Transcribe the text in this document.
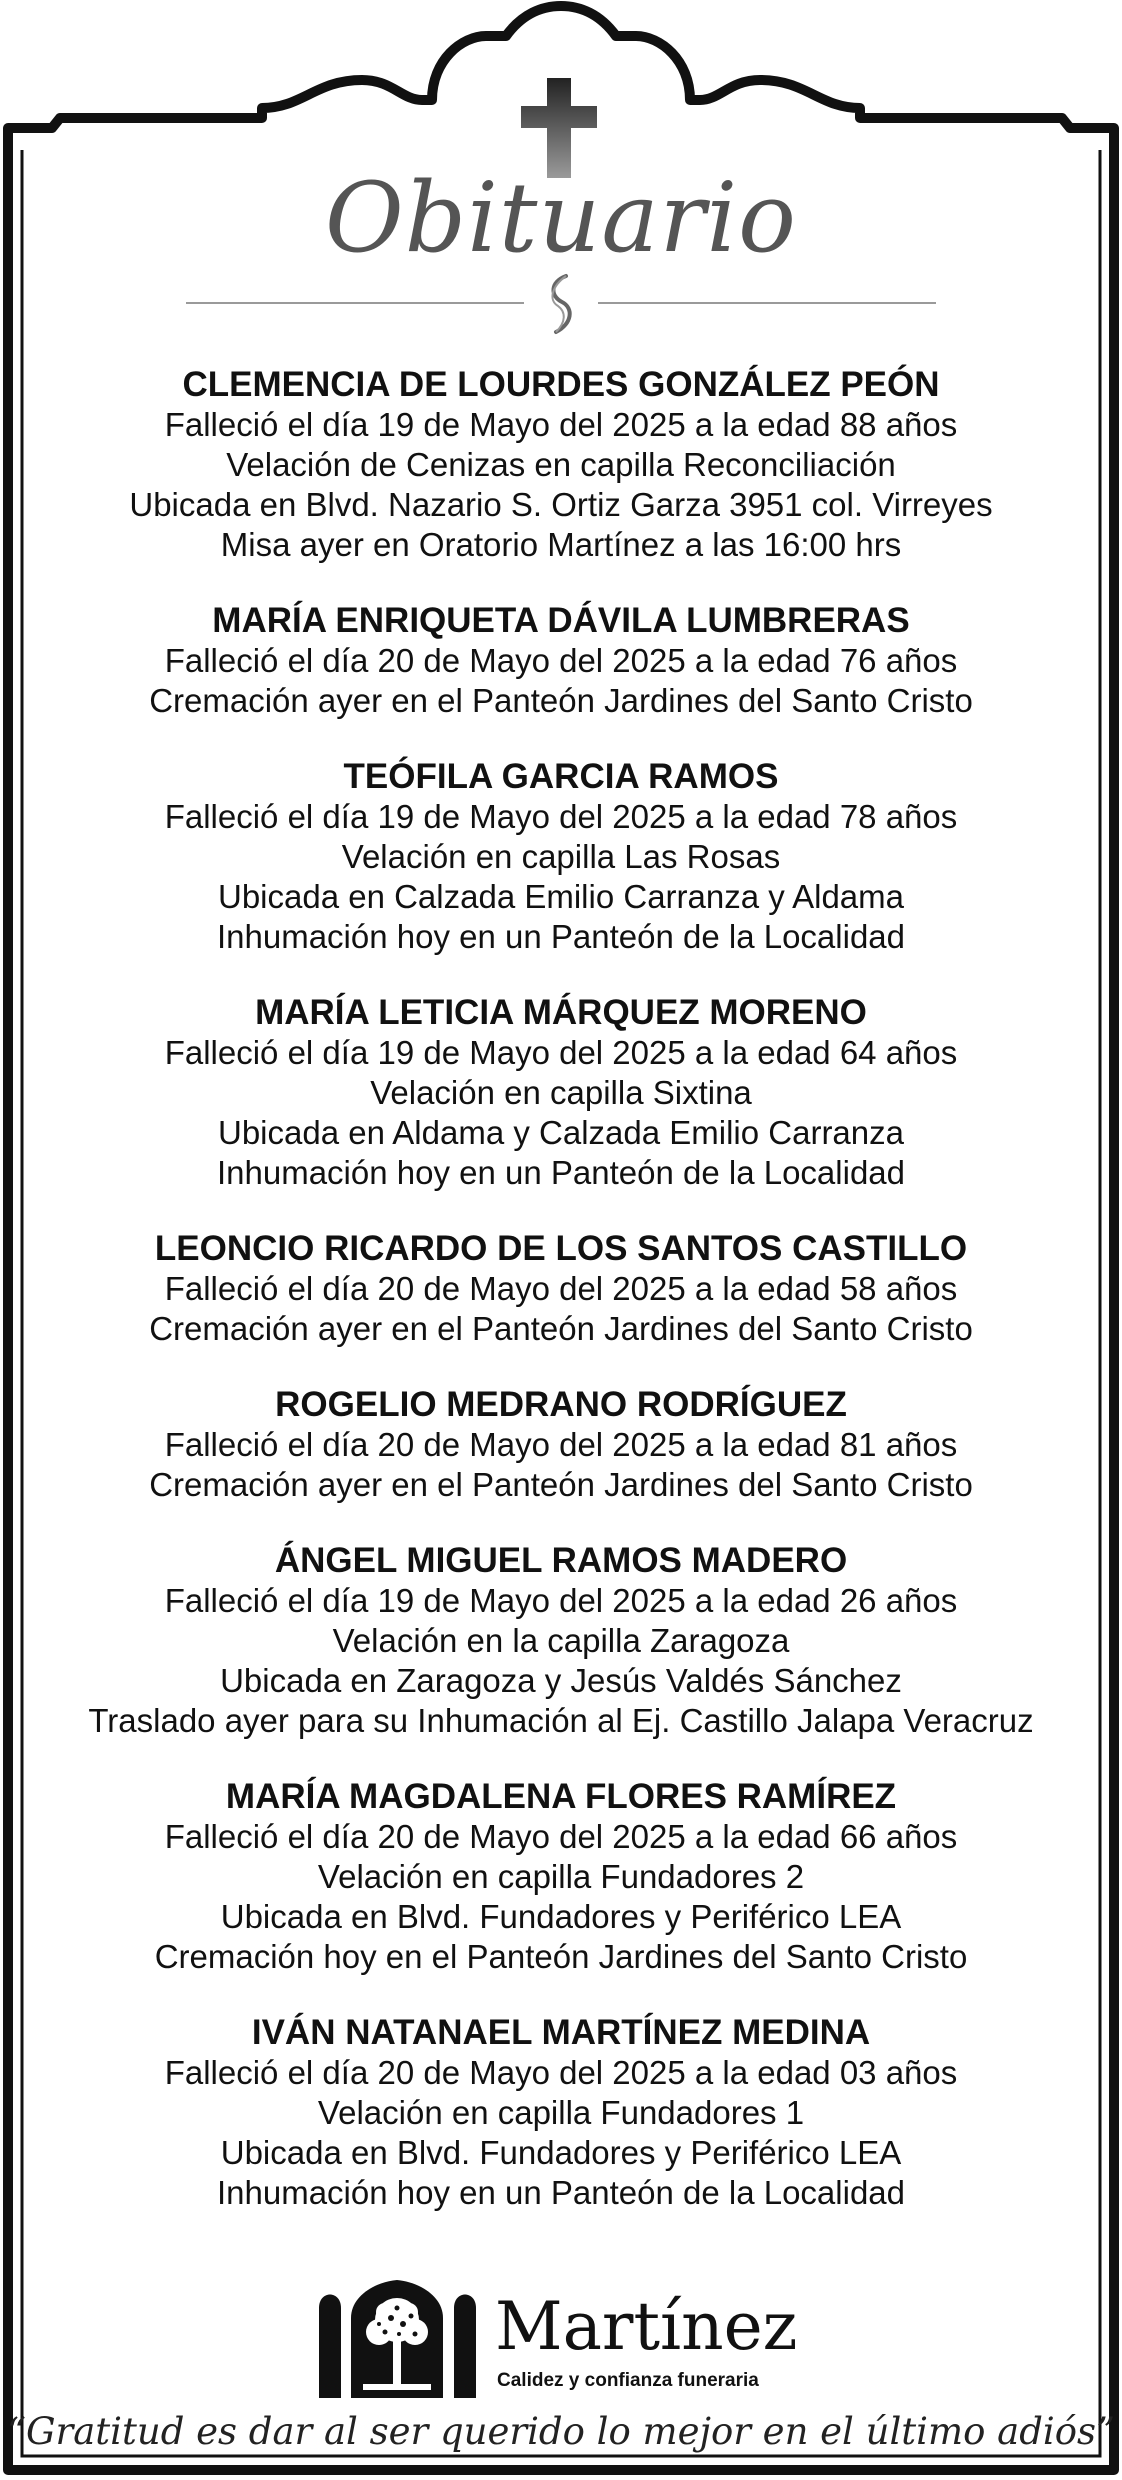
Obituario
CLEMENCIA DE LOURDES GONZÁLEZ PEÓN
Falleció el día 19 de Mayo del 2025 a la edad 88 años
Velación de Cenizas en capilla Reconciliación
Ubicada en Blvd. Nazario S. Ortiz Garza 3951 col. Virreyes
Misa ayer en Oratorio Martínez a las 16:00 hrs
MARÍA ENRIQUETA DÁVILA LUMBRERAS
Falleció el día 20 de Mayo del 2025 a la edad 76 años
Cremación ayer en el Panteón Jardines del Santo Cristo
TEÓFILA GARCIA RAMOS
Falleció el día 19 de Mayo del 2025 a la edad 78 años
Velación en capilla Las Rosas
Ubicada en Calzada Emilio Carranza y Aldama
Inhumación hoy en un Panteón de la Localidad
MARÍA LETICIA MÁRQUEZ MORENO
Falleció el día 19 de Mayo del 2025 a la edad 64 años
Velación en capilla Sixtina
Ubicada en Aldama y Calzada Emilio Carranza
Inhumación hoy en un Panteón de la Localidad
LEONCIO RICARDO DE LOS SANTOS CASTILLO
Falleció el día 20 de Mayo del 2025 a la edad 58 años
Cremación ayer en el Panteón Jardines del Santo Cristo
ROGELIO MEDRANO RODRÍGUEZ
Falleció el día 20 de Mayo del 2025 a la edad 81 años
Cremación ayer en el Panteón Jardines del Santo Cristo
ÁNGEL MIGUEL RAMOS MADERO
Falleció el día 19 de Mayo del 2025 a la edad 26 años
Velación en la capilla Zaragoza
Ubicada en Zaragoza y Jesús Valdés Sánchez
Traslado ayer para su Inhumación al Ej. Castillo Jalapa Veracruz
MARÍA MAGDALENA FLORES RAMÍREZ
Falleció el día 20 de Mayo del 2025 a la edad 66 años
Velación en capilla Fundadores 2
Ubicada en Blvd. Fundadores y Periférico LEA
Cremación hoy en el Panteón Jardines del Santo Cristo
IVÁN NATANAEL MARTÍNEZ MEDINA
Falleció el día 20 de Mayo del 2025 a la edad 03 años
Velación en capilla Fundadores 1
Ubicada en Blvd. Fundadores y Periférico LEA
Inhumación hoy en un Panteón de la Localidad
Martínez
Calidez y confianza funeraria
“Gratitud es dar al ser querido lo mejor en el último adiós”
